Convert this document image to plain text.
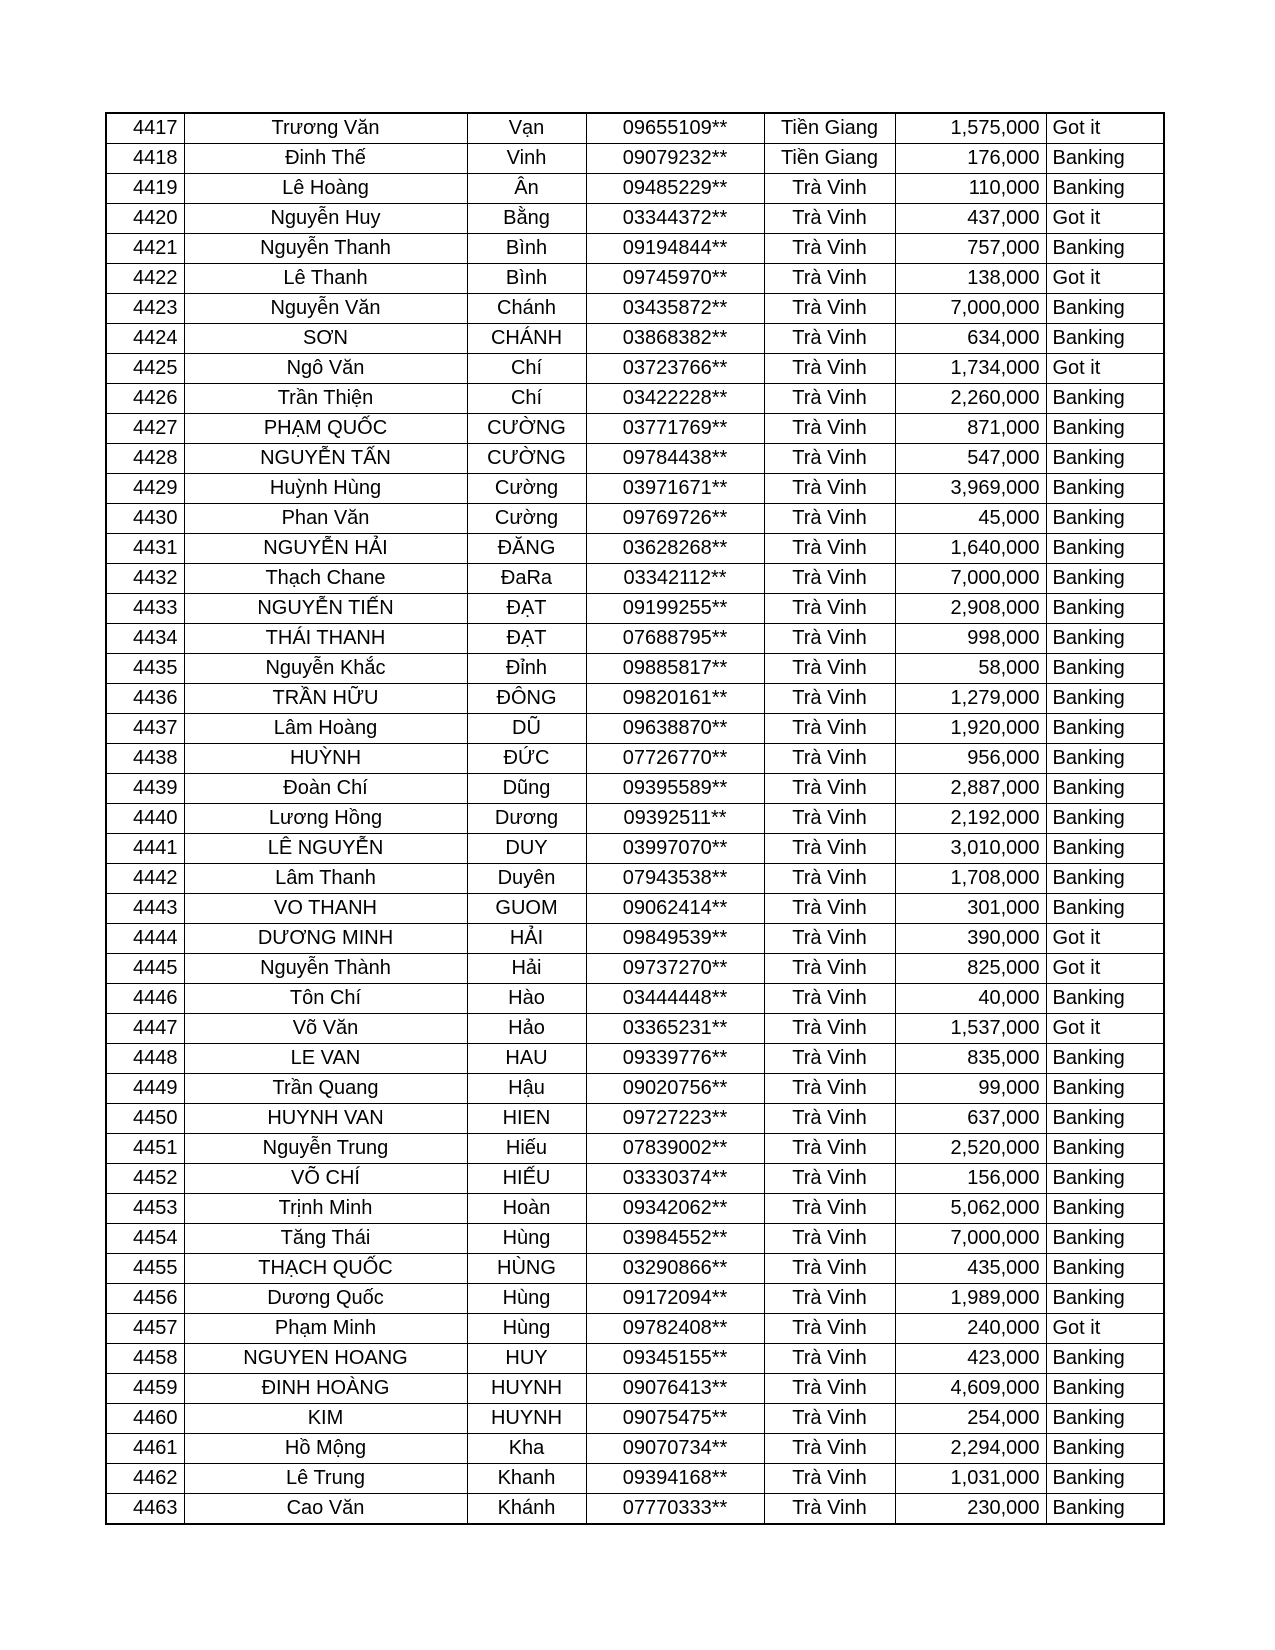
4417	Trương Văn	Vạn	09655109**	Tiền Giang	1,575,000	Got it
4418	Đinh Thế	Vinh	09079232**	Tiền Giang	176,000	Banking
4419	Lê Hoàng	Ân	09485229**	Trà Vinh	110,000	Banking
4420	Nguyễn Huy	Bằng	03344372**	Trà Vinh	437,000	Got it
4421	Nguyễn Thanh	Bình	09194844**	Trà Vinh	757,000	Banking
4422	Lê Thanh	Bình	09745970**	Trà Vinh	138,000	Got it
4423	Nguyễn Văn	Chánh	03435872**	Trà Vinh	7,000,000	Banking
4424	SƠN	CHÁNH	03868382**	Trà Vinh	634,000	Banking
4425	Ngô Văn	Chí	03723766**	Trà Vinh	1,734,000	Got it
4426	Trần Thiện	Chí	03422228**	Trà Vinh	2,260,000	Banking
4427	PHẠM QUỐC	CƯỜNG	03771769**	Trà Vinh	871,000	Banking
4428	NGUYỄN TẤN	CƯỜNG	09784438**	Trà Vinh	547,000	Banking
4429	Huỳnh Hùng	Cường	03971671**	Trà Vinh	3,969,000	Banking
4430	Phan Văn	Cường	09769726**	Trà Vinh	45,000	Banking
4431	NGUYỄN HẢI	ĐĂNG	03628268**	Trà Vinh	1,640,000	Banking
4432	Thạch Chane	ĐaRa	03342112**	Trà Vinh	7,000,000	Banking
4433	NGUYỄN TIẾN	ĐẠT	09199255**	Trà Vinh	2,908,000	Banking
4434	THÁI THANH	ĐẠT	07688795**	Trà Vinh	998,000	Banking
4435	Nguyễn Khắc	Đỉnh	09885817**	Trà Vinh	58,000	Banking
4436	TRẦN HỮU	ĐÔNG	09820161**	Trà Vinh	1,279,000	Banking
4437	Lâm Hoàng	DŨ	09638870**	Trà Vinh	1,920,000	Banking
4438	HUỲNH	ĐỨC	07726770**	Trà Vinh	956,000	Banking
4439	Đoàn Chí	Dũng	09395589**	Trà Vinh	2,887,000	Banking
4440	Lương Hồng	Dương	09392511**	Trà Vinh	2,192,000	Banking
4441	LÊ NGUYỄN	DUY	03997070**	Trà Vinh	3,010,000	Banking
4442	Lâm Thanh	Duyên	07943538**	Trà Vinh	1,708,000	Banking
4443	VO THANH	GUOM	09062414**	Trà Vinh	301,000	Banking
4444	DƯƠNG MINH	HẢI	09849539**	Trà Vinh	390,000	Got it
4445	Nguyễn Thành	Hải	09737270**	Trà Vinh	825,000	Got it
4446	Tôn Chí	Hào	03444448**	Trà Vinh	40,000	Banking
4447	Võ Văn	Hảo	03365231**	Trà Vinh	1,537,000	Got it
4448	LE VAN	HAU	09339776**	Trà Vinh	835,000	Banking
4449	Trần Quang	Hậu	09020756**	Trà Vinh	99,000	Banking
4450	HUYNH VAN	HIEN	09727223**	Trà Vinh	637,000	Banking
4451	Nguyễn Trung	Hiếu	07839002**	Trà Vinh	2,520,000	Banking
4452	VÕ CHÍ	HIẾU	03330374**	Trà Vinh	156,000	Banking
4453	Trịnh Minh	Hoàn	09342062**	Trà Vinh	5,062,000	Banking
4454	Tăng Thái	Hùng	03984552**	Trà Vinh	7,000,000	Banking
4455	THẠCH QUỐC	HÙNG	03290866**	Trà Vinh	435,000	Banking
4456	Dương Quốc	Hùng	09172094**	Trà Vinh	1,989,000	Banking
4457	Phạm Minh	Hùng	09782408**	Trà Vinh	240,000	Got it
4458	NGUYEN HOANG	HUY	09345155**	Trà Vinh	423,000	Banking
4459	ĐINH HOÀNG	HUYNH	09076413**	Trà Vinh	4,609,000	Banking
4460	KIM	HUYNH	09075475**	Trà Vinh	254,000	Banking
4461	Hồ Mộng	Kha	09070734**	Trà Vinh	2,294,000	Banking
4462	Lê Trung	Khanh	09394168**	Trà Vinh	1,031,000	Banking
4463	Cao Văn	Khánh	07770333**	Trà Vinh	230,000	Banking
